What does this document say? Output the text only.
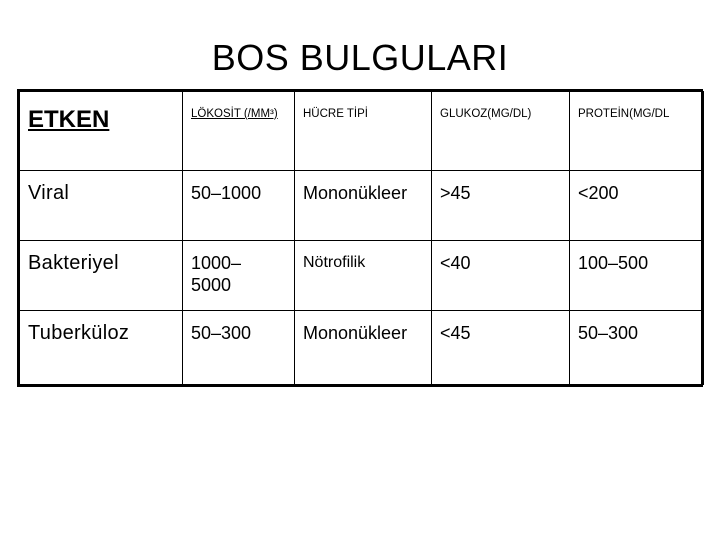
BOS BULGULARI
ETKEN	LÖKOSİT (/MM³)	HÜCRE TİPİ	GLUKOZ(MG/DL)	PROTEİN(MG/DL
Viral	50–1000	Mononükleer	>45	<200
Bakteriyel	1000–5000	Nötrofilik	<40	100–500
Tuberküloz	50–300	Mononükleer	<45	50–300
